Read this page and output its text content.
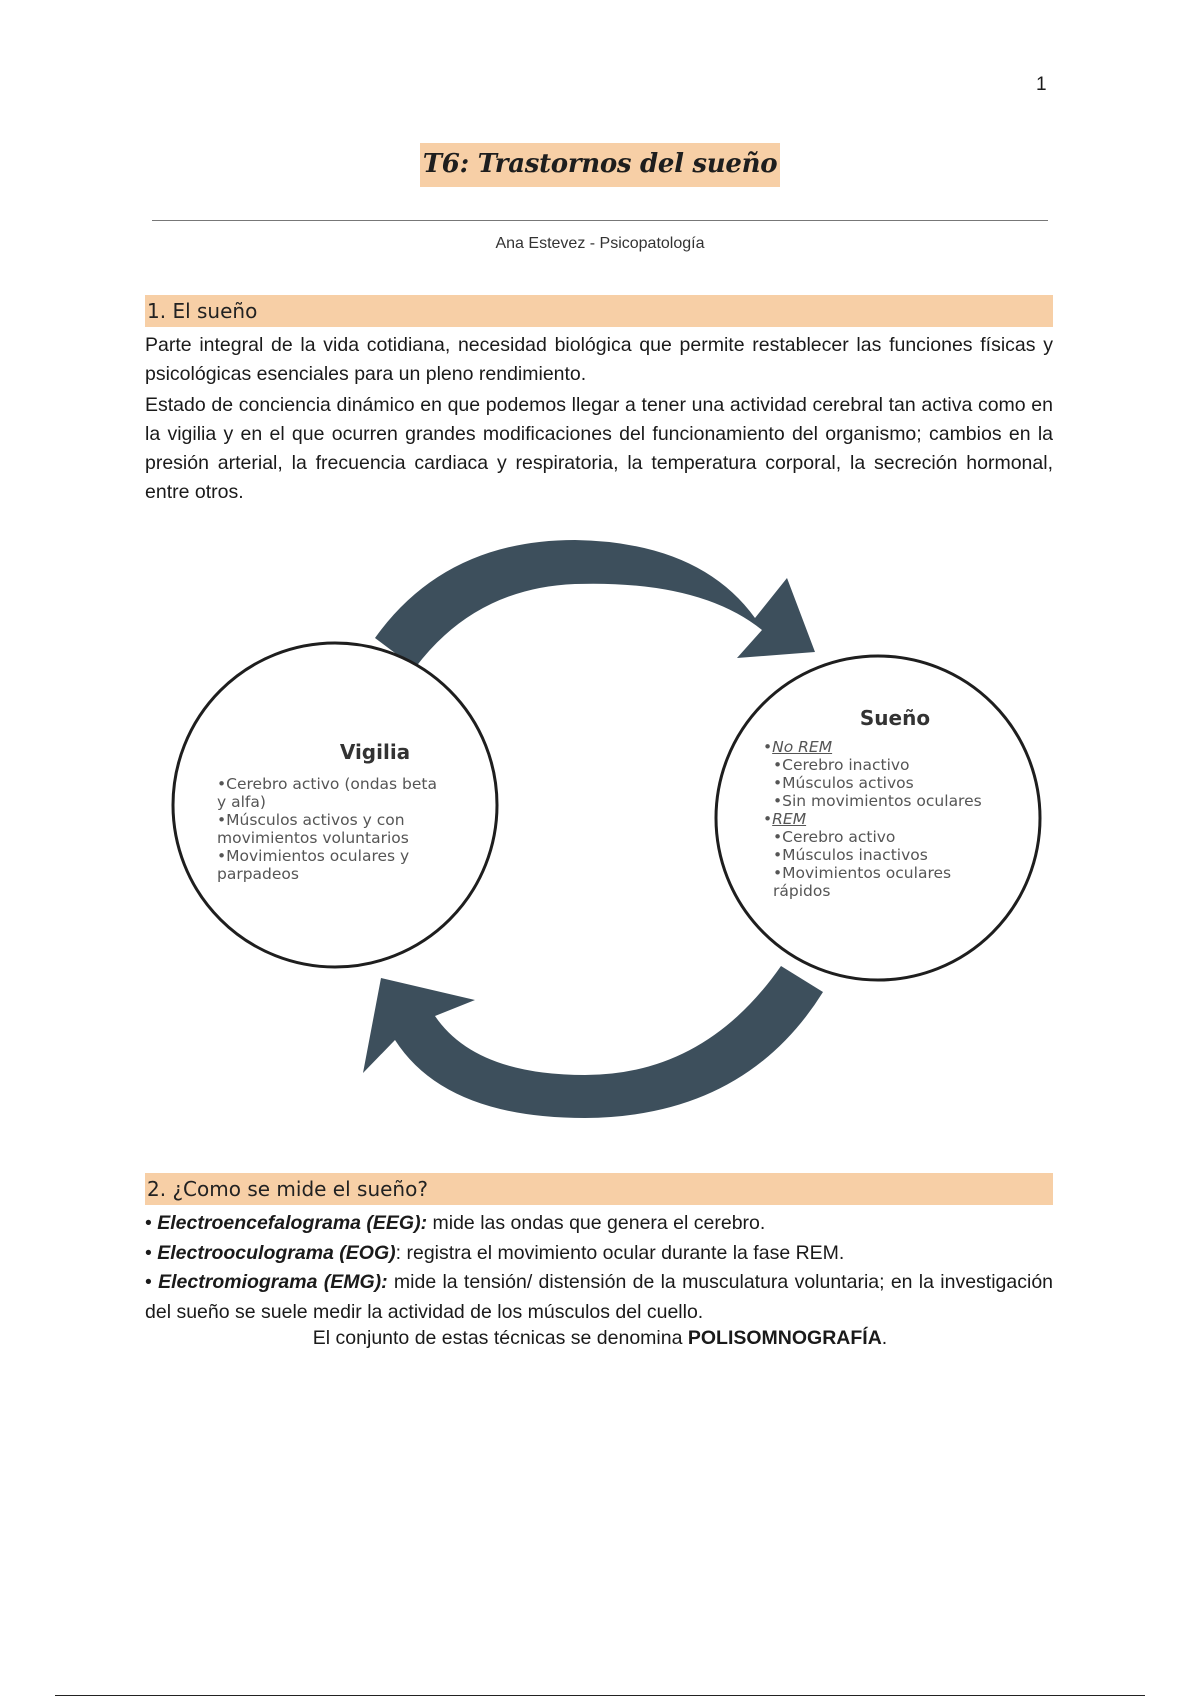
1
T6: Trastornos del sueño
Ana Estevez - Psicopatología
1. El sueño
Parte integral de la vida cotidiana, necesidad biológica que permite restablecer las funciones físicas y psicológicas esenciales para un pleno rendimiento.
Estado de conciencia dinámico en que podemos llegar a tener una actividad cerebral tan activa como en la vigilia y en el que ocurren grandes modificaciones del funcionamiento del organismo; cambios en la presión arterial, la frecuencia cardiaca y respiratoria, la temperatura corporal, la secreción hormonal, entre otros.
Vigilia
•Cerebro activo (ondas beta y alfa)
•Músculos activos y con movimientos voluntarios
•Movimientos oculares y parpadeos
Sueño
•No REM
•Cerebro inactivo
•Músculos activos
•Sin movimientos oculares
•REM
•Cerebro activo
•Músculos inactivos
•Movimientos oculares rápidos
2. ¿Como se mide el sueño?
• Electroencefalograma (EEG): mide las ondas que genera el cerebro.
• Electrooculograma (EOG): registra el movimiento ocular durante la fase REM.
• Electromiograma (EMG): mide la tensión/ distensión de la musculatura voluntaria; en la investigación del sueño se suele medir la actividad de los músculos del cuello.
El conjunto de estas técnicas se denomina POLISOMNOGRAFÍA.
